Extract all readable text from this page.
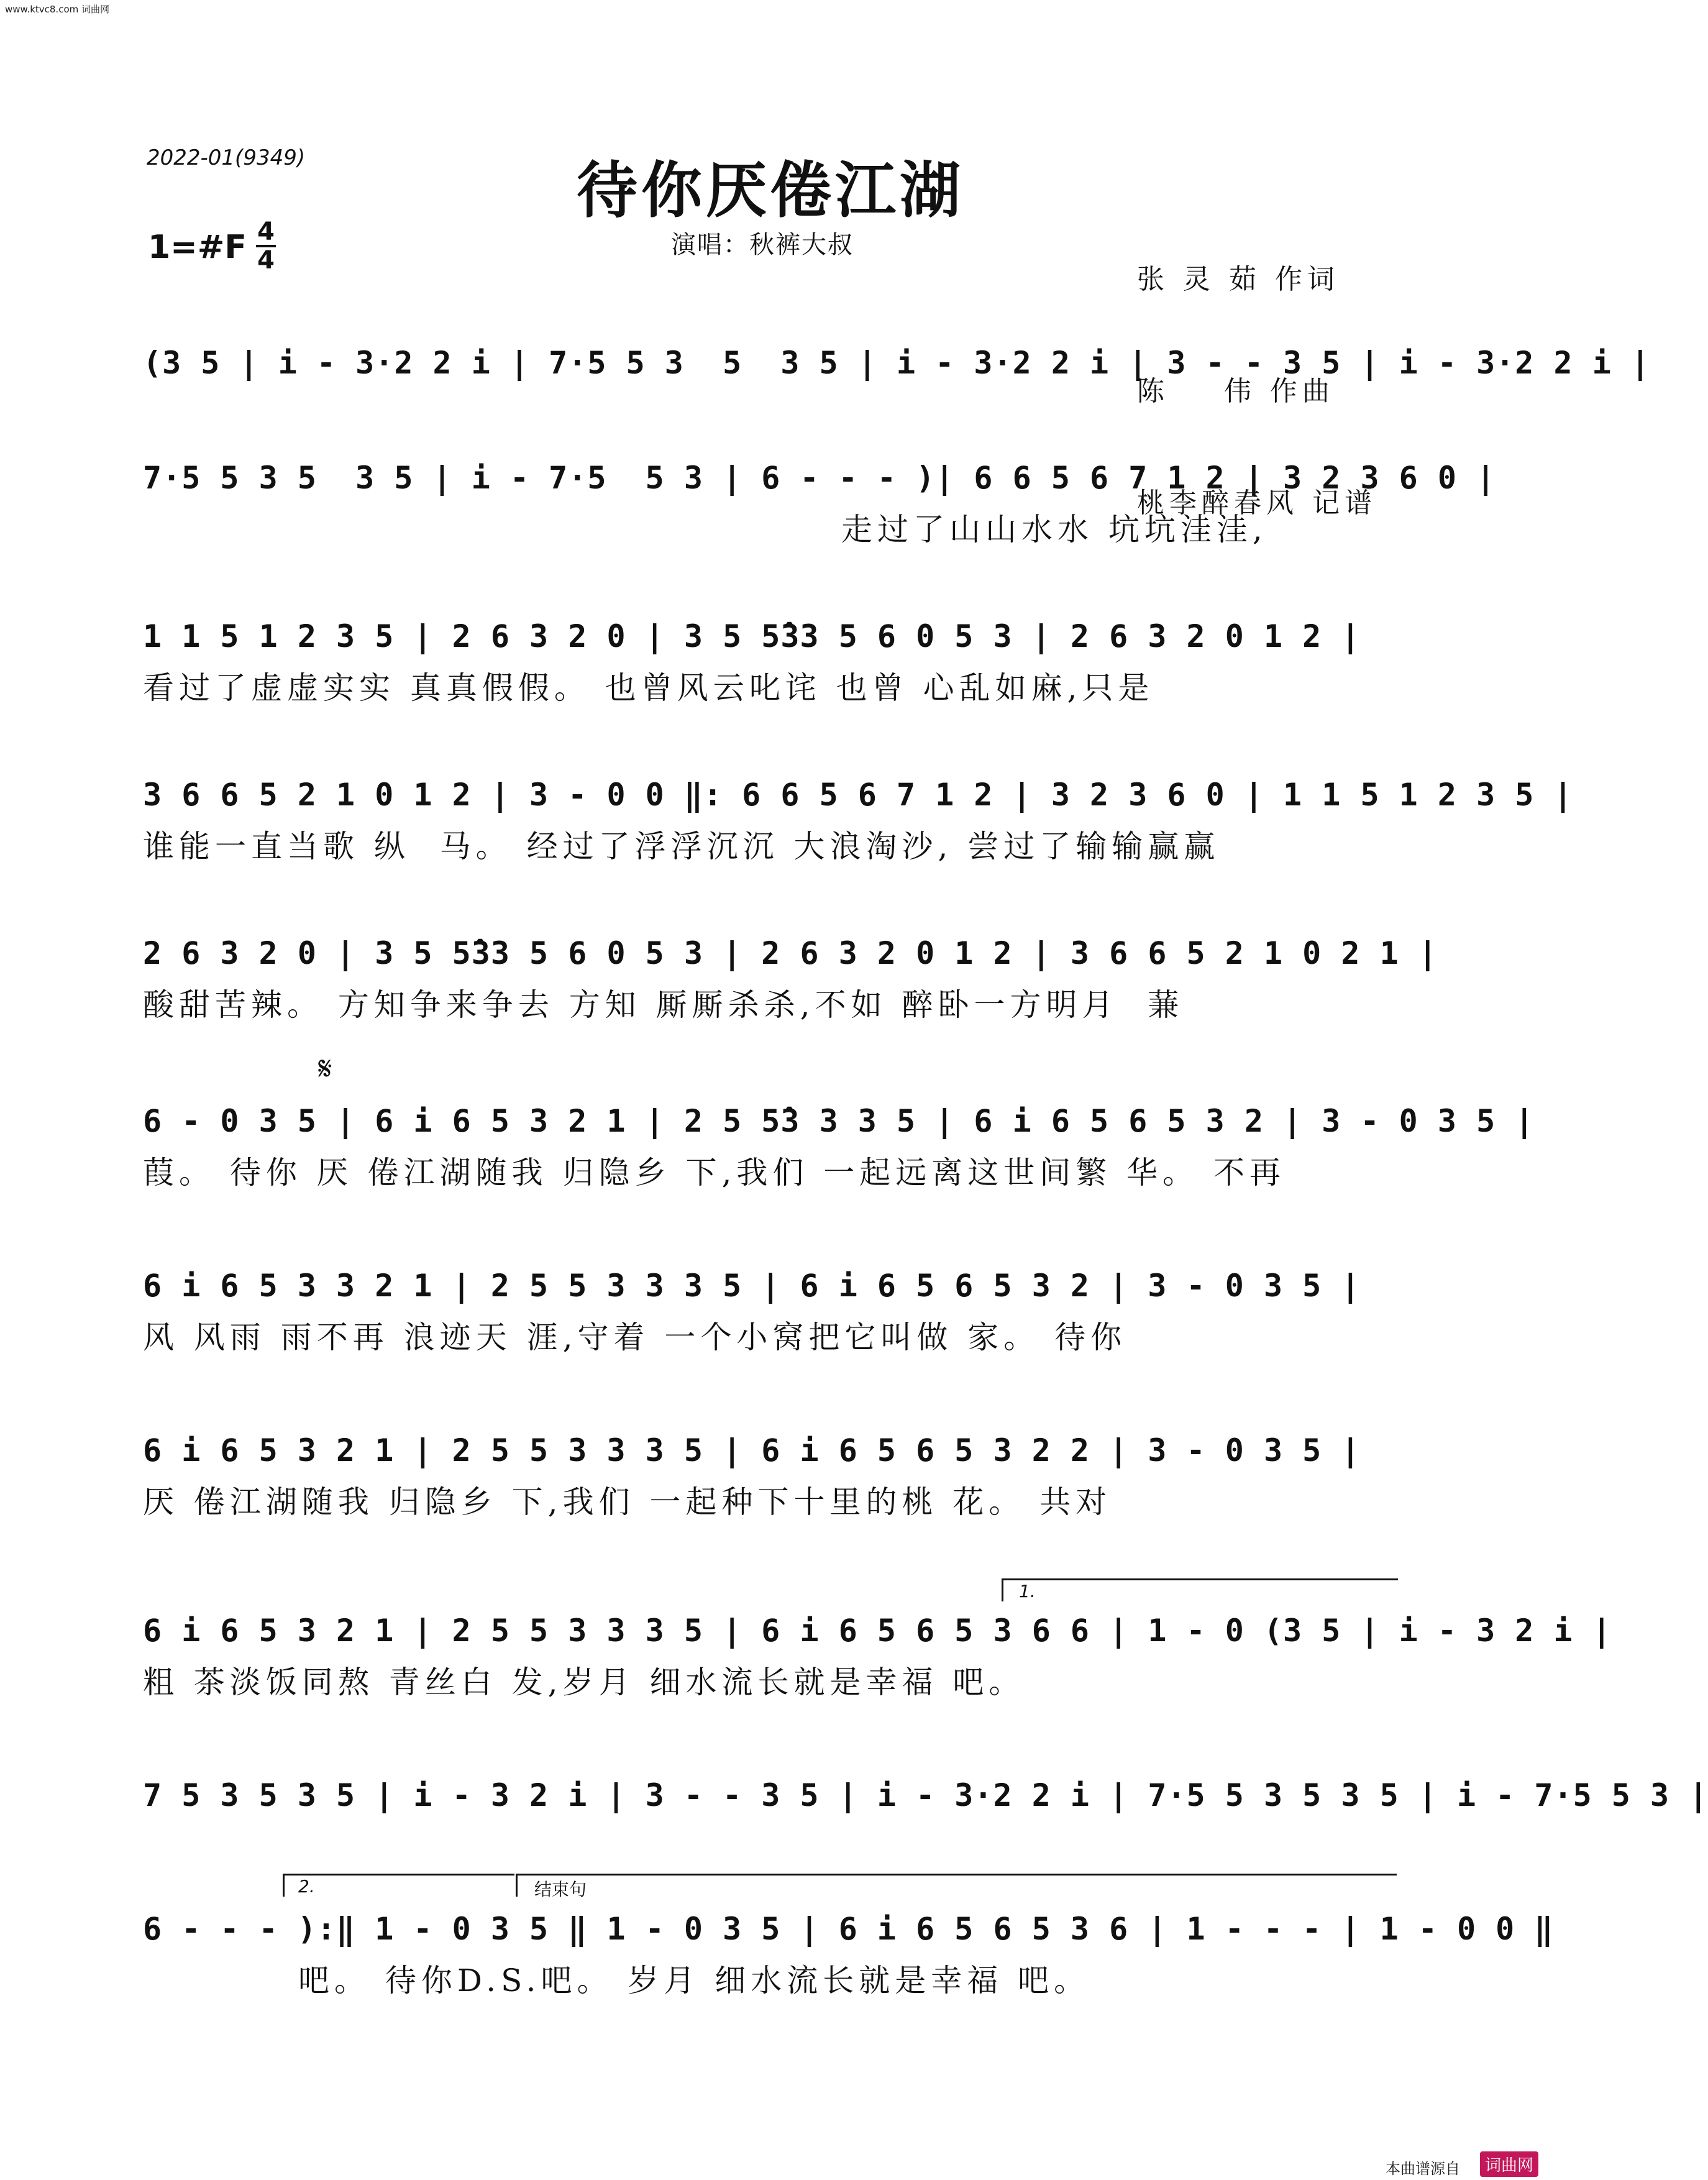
www.ktvc8.com 词曲网
2022-01(9349)	待你厌倦江湖
演唱：秋裤大叔
1=#F 4
4

张 灵 茹 作词

陈    伟 作曲

桃李醉春风 记谱

𝄋
(3 5 | i - 3·2 2 i | 7·5 5 3  5  3 5 | i - 3·2 2 i | 3 - - 3 5 | i - 3·2 2 i |
7·5 5 3 5  3 5 | i - 7·5  5 3 | 6 - - - )| 6 6 5 6 7 1 2 | 3 2 3 6 0 |
走过了山山水水 坑坑洼洼,
1 1 5 1 2 3 5 | 2 6 3 2 0 | 3 5 5̂33 5 6 0 5 3 | 2 6 3 2 0 1 2 |
看过了虚虚实实 真真假假。 也曾风云叱诧 也曾 心乱如麻,只是
3 6 6 5 2 1 0 1 2 | 3 - 0 0 ‖: 6 6 5 6 7 1 2 | 3 2 3 6 0 | 1 1 5 1 2 3 5 |
谁能一直当歌 纵  马。 经过了浮浮沉沉 大浪淘沙, 尝过了输输赢赢
2 6 3 2 0 | 3 5 5̂33 5 6 0 5 3 | 2 6 3 2 0 1 2 | 3 6 6 5 2 1 0 2 1 |
酸甜苦辣。 方知争来争去 方知 厮厮杀杀,不如 醉卧一方明月  蒹
6 - 0 3 5 | 6 i 6 5 3 2 1 | 2 5 5̂3 3 3 5 | 6 i 6 5 6 5 3 2 | 3 - 0 3 5 |
葭。 待你 厌 倦江湖随我 归隐乡 下,我们 一起远离这世间繁 华。 不再
6 i 6 5 3 3 2 1 | 2 5 5 3 3 3 5 | 6 i 6 5 6 5 3 2 | 3 - 0 3 5 |
风 风雨 雨不再 浪迹天 涯,守着 一个小窝把它叫做 家。 待你
6 i 6 5 3 2 1 | 2 5 5 3 3 3 5 | 6 i 6 5 6 5 3 2 2 | 3 - 0 3 5 |
厌 倦江湖随我 归隐乡 下,我们 一起种下十里的桃 花。 共对
1.
6 i 6 5 3 2 1 | 2 5 5 3 3 3 5 | 6 i 6 5 6 5 3 6 6 | 1 - 0 (3 5 | i - 3 2 i |
粗 茶淡饭同熬 青丝白 发,岁月 细水流长就是幸福 吧。
7 5 3 5 3 5 | i - 3 2 i | 3 - - 3 5 | i - 3·2 2 i | 7·5 5 3 5 3 5 | i - 7·5 5 3 |
2.	结束句
6 - - - ):‖ 1 - 0 3 5 ‖ 1 - 0 3 5 | 6 i 6 5 6 5 3 6 | 1 - - - | 1 - 0 0 ‖
吧。 待你D.S.吧。 岁月 细水流长就是幸福 吧。
本曲谱源自	词曲网
